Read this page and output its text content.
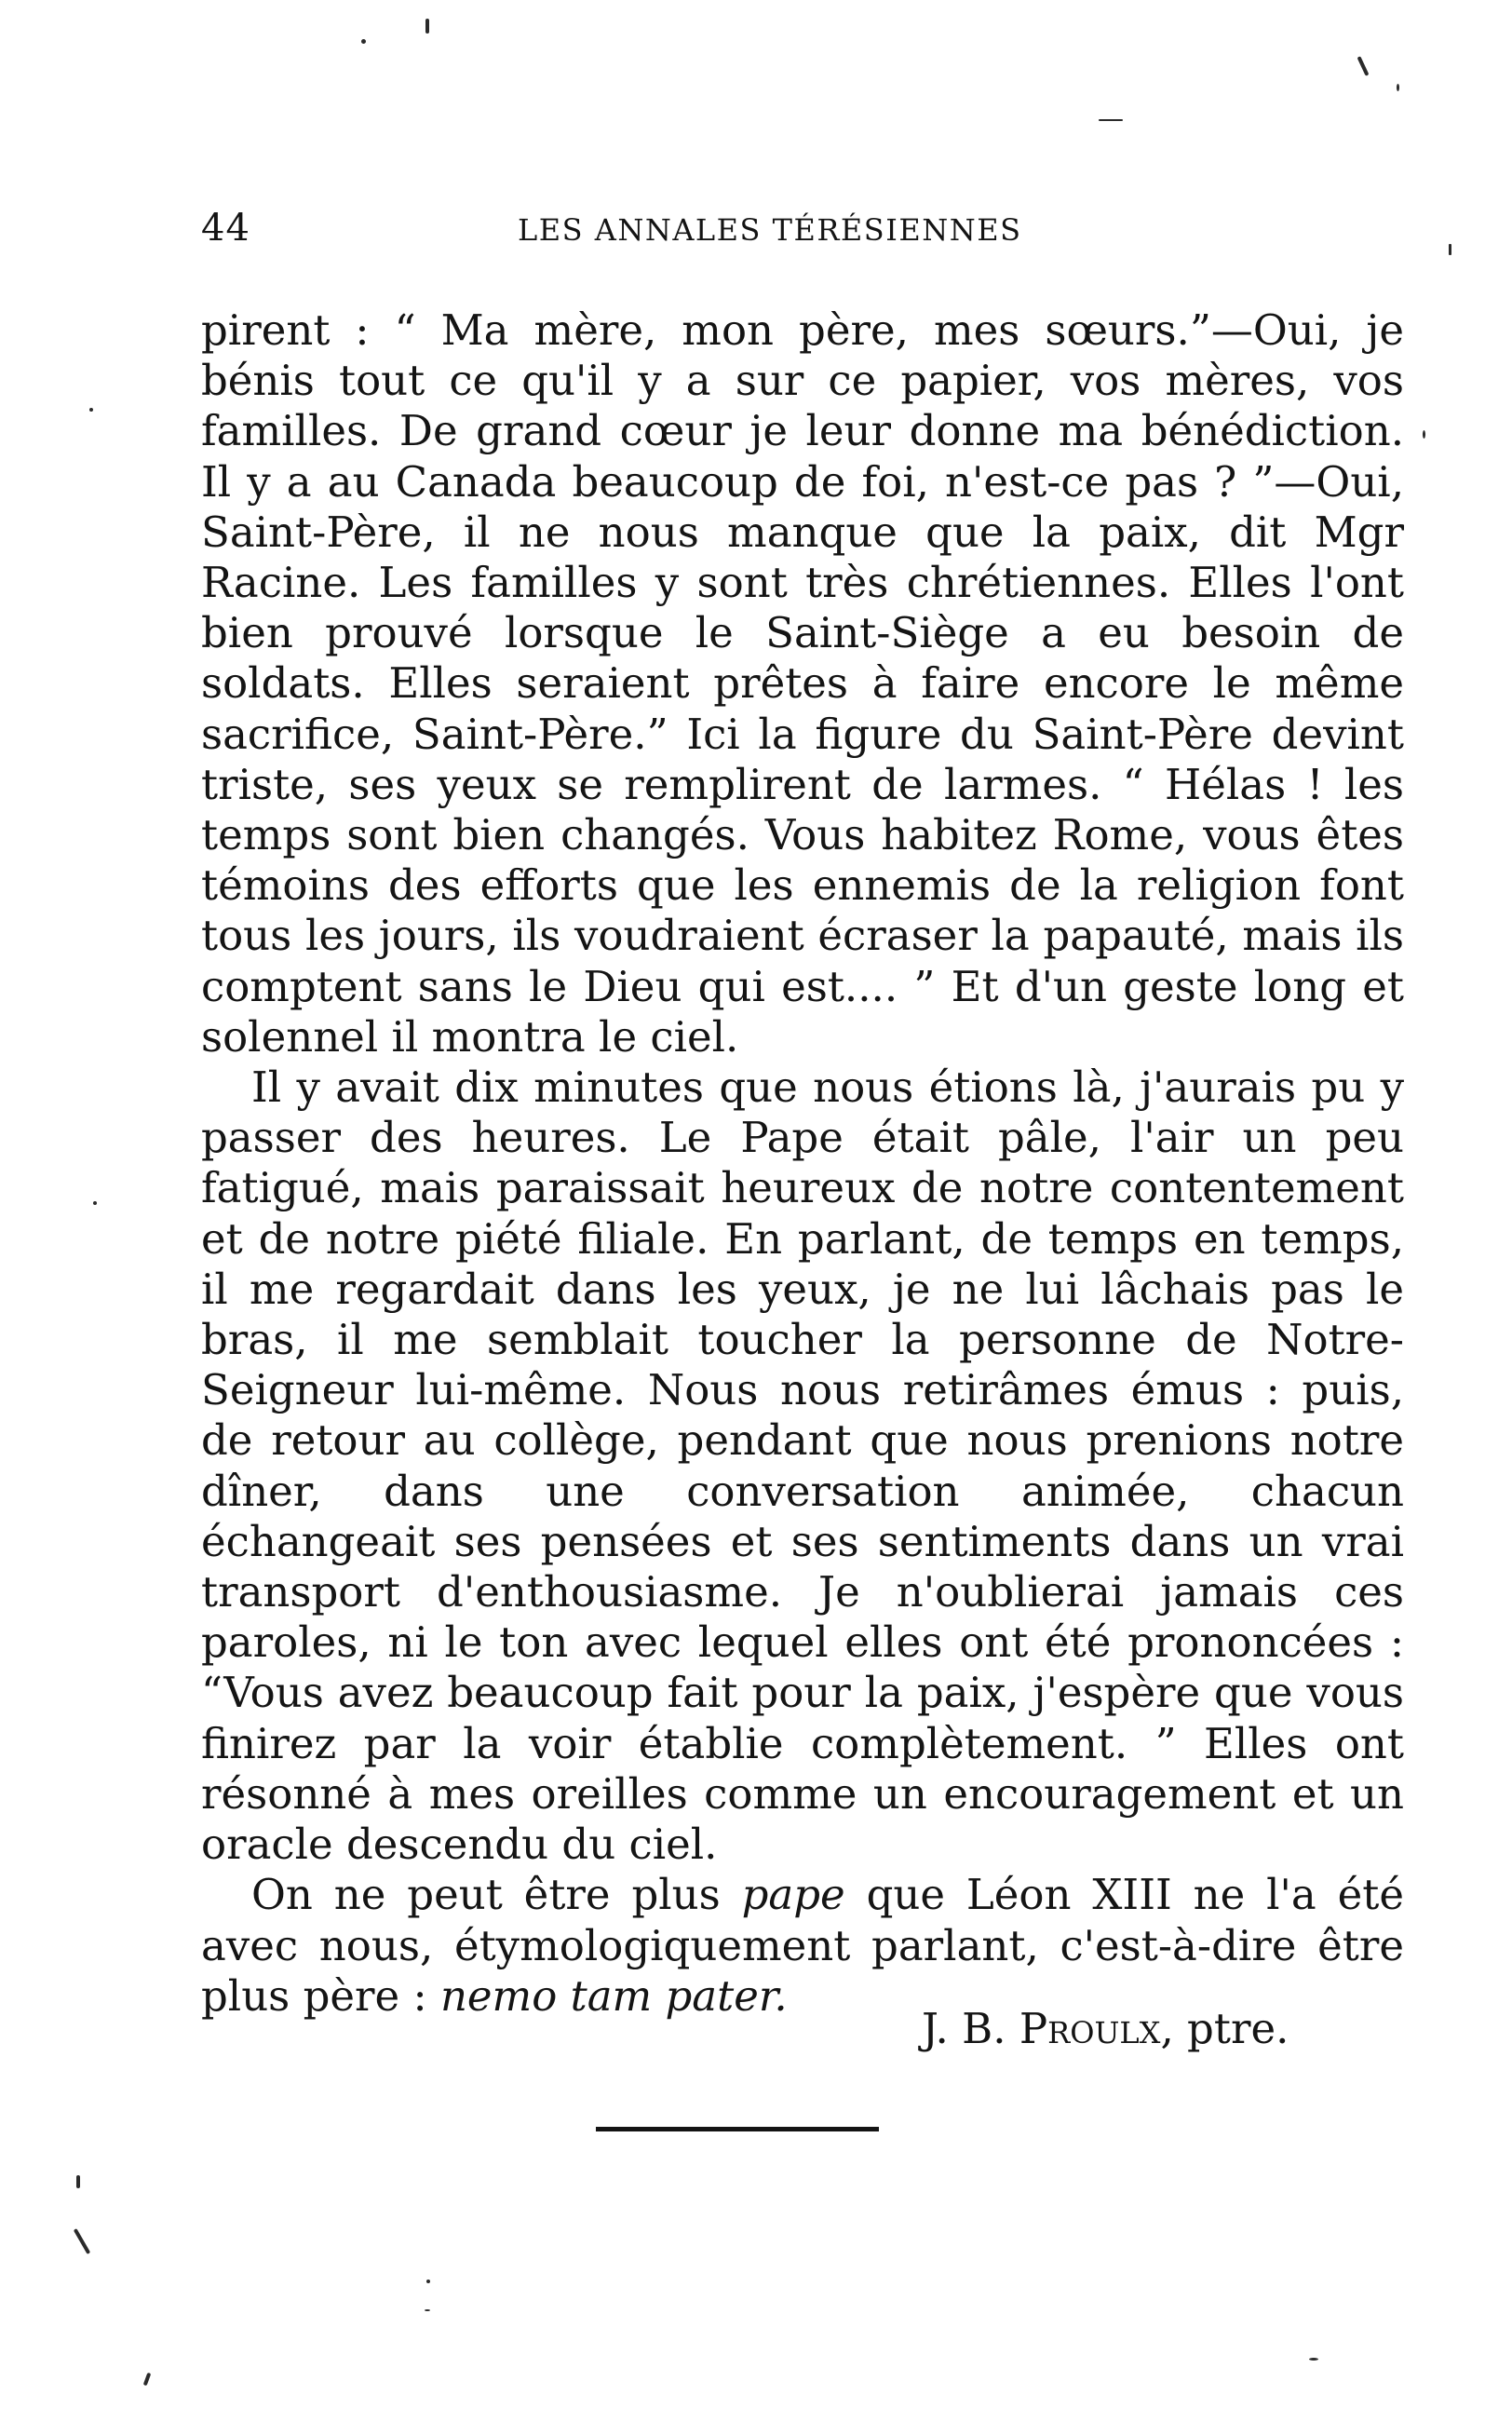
44	LES ANNALES TÉRÉSIENNES

pirent : “ Ma mère, mon père, mes sœurs.”—Oui, je bénis tout ce qu'il y a sur ce papier, vos mères, vos familles. De grand cœur je leur donne ma bénédiction. Il y a au Canada beaucoup de foi, n'est-ce pas ? ”—Oui, Saint-Père, il ne nous manque que la paix, dit Mgr Racine. Les familles y sont très chrétiennes. Elles l'ont bien prouvé lorsque le Saint-Siège a eu besoin de soldats. Elles seraient prêtes à faire encore le même sacrifice, Saint-Père.” Ici la figure du Saint-Père devint triste, ses yeux se remplirent de larmes. “ Hélas ! les temps sont bien changés. Vous habitez Rome, vous êtes témoins des efforts que les ennemis de la religion font tous les jours, ils voudraient écraser la papauté, mais ils comptent sans le Dieu qui est.... ” Et d'un geste long et solennel il montra le ciel.

Il y avait dix minutes que nous étions là, j'aurais pu y passer des heures. Le Pape était pâle, l'air un peu fatigué, mais paraissait heureux de notre contentement et de notre piété filiale. En parlant, de temps en temps, il me regardait dans les yeux, je ne lui lâchais pas le bras, il me semblait toucher la personne de Notre-Seigneur lui-même. Nous nous retirâmes émus : puis, de retour au collège, pendant que nous prenions notre dîner, dans une conversation animée, chacun échangeait ses pensées et ses sentiments dans un vrai transport d'enthousiasme. Je n'oublierai jamais ces paroles, ni le ton avec lequel elles ont été prononcées : “Vous avez beaucoup fait pour la paix, j'espère que vous finirez par la voir établie complètement. ” Elles ont résonné à mes oreilles comme un encouragement et un oracle descendu du ciel.

On ne peut être plus pape que Léon XIII ne l'a été avec nous, étymologiquement parlant, c'est-à-dire être plus père : nemo tam pater.

J. B. Proulx, ptre.
